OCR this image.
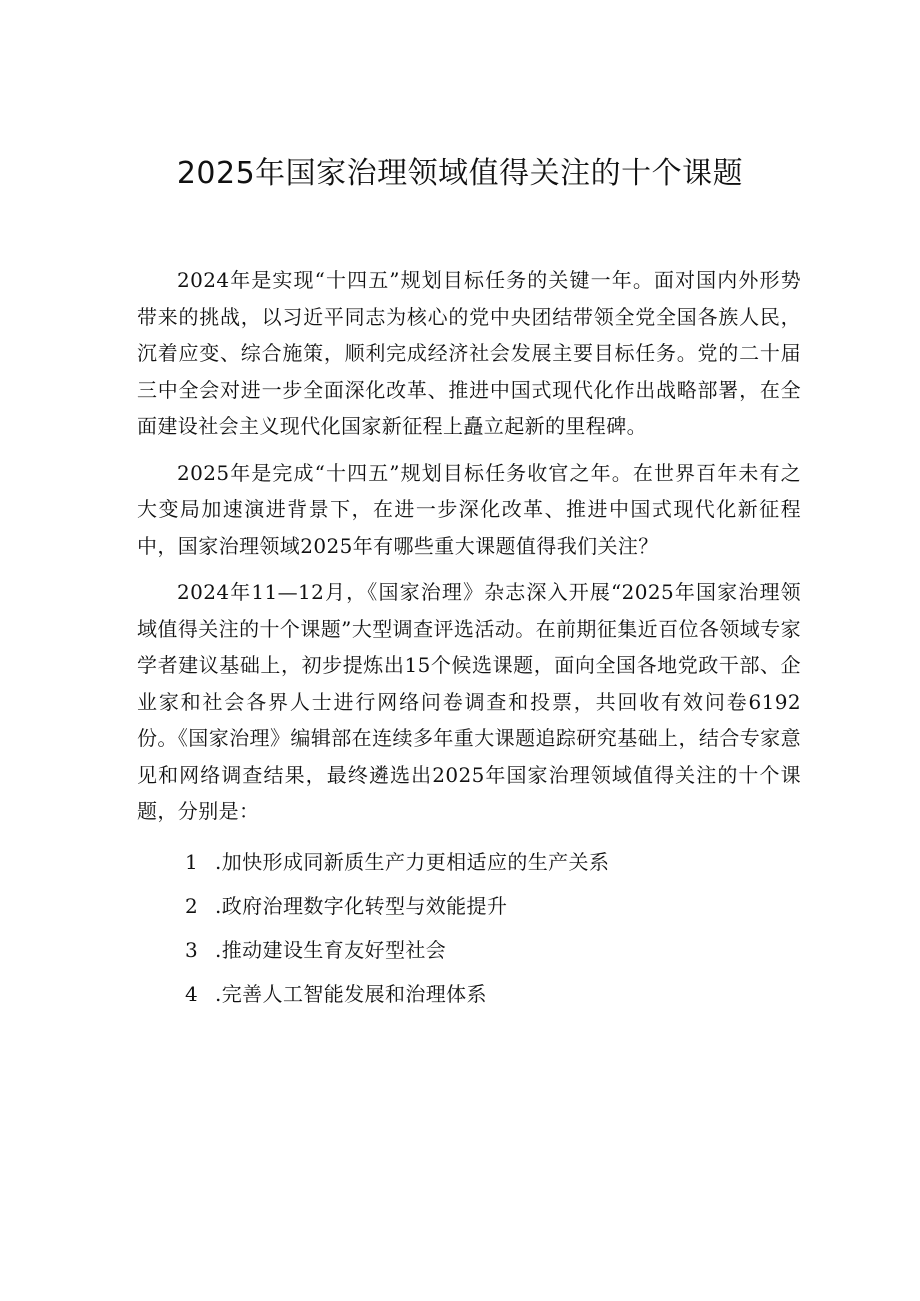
2025年国家治理领域值得关注的十个课题

2024年是实现“十四五”规划目标任务的关键一年。面对国内外形势带来的挑战，以习近平同志为核心的党中央团结带领全党全国各族人民，沉着应变、综合施策，顺利完成经济社会发展主要目标任务。党的二十届三中全会对进一步全面深化改革、推进中国式现代化作出战略部署，在全面建设社会主义现代化国家新征程上矗立起新的里程碑。

2025年是完成“十四五”规划目标任务收官之年。在世界百年未有之大变局加速演进背景下，在进一步深化改革、推进中国式现代化新征程中，国家治理领域2025年有哪些重大课题值得我们关注？

2024年11—12月，《国家治理》杂志深入开展“2025年国家治理领域值得关注的十个课题”大型调查评选活动。在前期征集近百位各领域专家学者建议基础上，初步提炼出15个候选课题，面向全国各地党政干部、企业家和社会各界人士进行网络问卷调查和投票，共回收有效问卷6192份。《国家治理》编辑部在连续多年重大课题追踪研究基础上，结合专家意见和网络调查结果，最终遴选出2025年国家治理领域值得关注的十个课题，分别是：

1 .加快形成同新质生产力更相适应的生产关系
2 .政府治理数字化转型与效能提升
3 .推动建设生育友好型社会
4 .完善人工智能发展和治理体系
